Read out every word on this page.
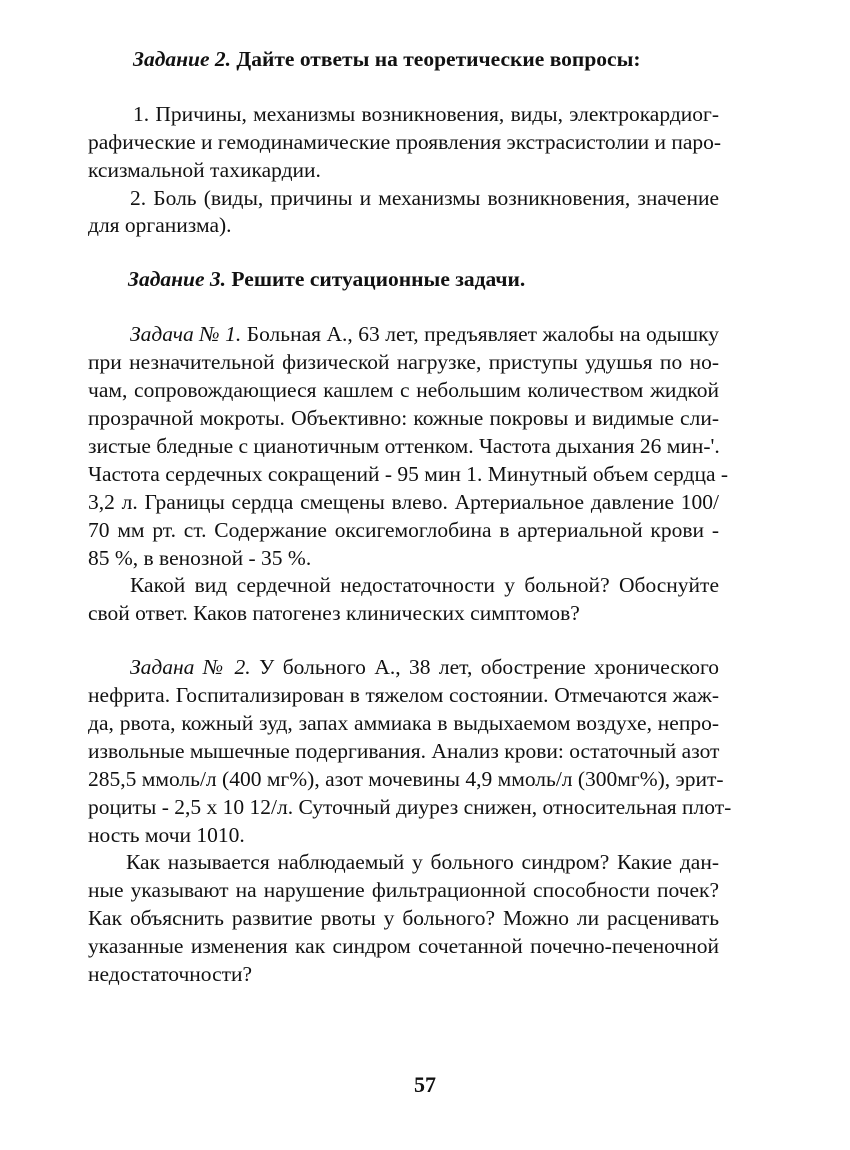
Задание 2. Дайте ответы на теоретические вопросы:
1. Причины, механизмы возникновения, виды, электрокардиог-
рафические и гемодинамические проявления экстрасистолии и паро-
ксизмальной тахикардии.
2. Боль (виды, причины и механизмы возникновения, значение
для организма).
Задание 3. Решите ситуационные задачи.
Задача № 1. Больная А., 63 лет, предъявляет жалобы на одышку
при незначительной физической нагрузке, приступы удушья по но-
чам, сопровождающиеся кашлем с небольшим количеством жидкой
прозрачной мокроты. Объективно: кожные покровы и видимые сли-
зистые бледные с цианотичным оттенком. Частота дыхания 26 мин-'.
Частота сердечных сокращений - 95 мин 1. Минутный объем сердца -
3,2 л. Границы сердца смещены влево. Артериальное давление 100/
70 мм рт. ст. Содержание оксигемоглобина в артериальной крови -
85 %, в венозной - 35 %.
Какой вид сердечной недостаточности у больной? Обоснуйте
свой ответ. Каков патогенез клинических симптомов?
Задана № 2. У больного А., 38 лет, обострение хронического
нефрита. Госпитализирован в тяжелом состоянии. Отмечаются жаж-
да, рвота, кожный зуд, запах аммиака в выдыхаемом воздухе, непро-
извольные мышечные подергивания. Анализ крови: остаточный азот
285,5 ммоль/л (400 мг%), азот мочевины 4,9 ммоль/л (300мг%), эрит-
роциты - 2,5 х 10 12/л. Суточный диурез снижен, относительная плот-
ность мочи 1010.
Как называется наблюдаемый у больного синдром? Какие дан-
ные указывают на нарушение фильтрационной способности почек?
Как объяснить развитие рвоты у больного? Можно ли расценивать
указанные изменения как синдром сочетанной почечно-печеночной
недостаточности?
57
